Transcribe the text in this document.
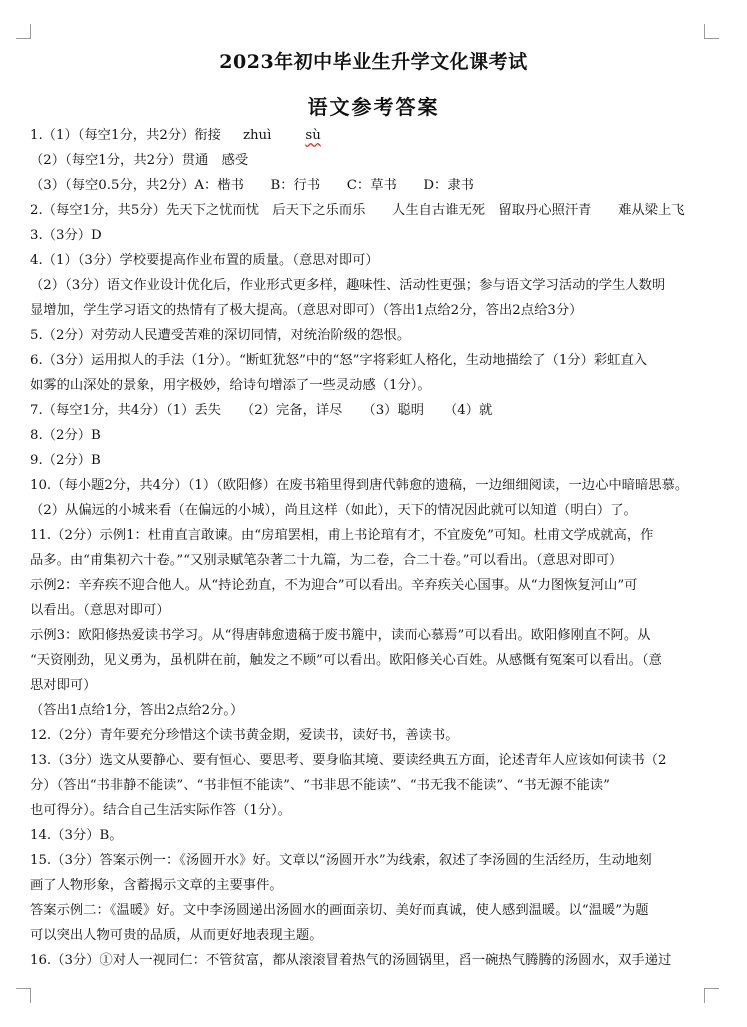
2023年初中毕业生升学文化课考试
语文参考答案
1.（1）（每空1分，共2分）衔接 zhuì	sù
（2）（每空1分，共2分）贯通　感受
（3）（每空0.5分，共2分）A：楷书　　B：行书　　C：草书　　D：隶书
2.（每空1分，共5分）先天下之忧而忧　后天下之乐而乐　　人生自古谁无死　留取丹心照汗青　　难从梁上飞
3.（3分）D
4.（1）（3分）学校要提高作业布置的质量。（意思对即可）
（2）（3分）语文作业设计优化后，作业形式更多样，趣味性、活动性更强；参与语文学习活动的学生人数明
显增加，学生学习语文的热情有了极大提高。（意思对即可）（答出1点给2分，答出2点给3分）
5.（2分）对劳动人民遭受苦难的深切同情，对统治阶级的怨恨。
6.（3分）运用拟人的手法（1分）。“断虹犹怒”中的“怒”字将彩虹人格化，生动地描绘了（1分）彩虹直入
如雾的山深处的景象，用字极妙，给诗句增添了一些灵动感（1分）。
7.（每空1分，共4分）（1）丢失　　（2）完备，详尽　　（3）聪明　　（4）就
8.（2分）B
9.（2分）B
10.（每小题2分，共4分）（1）（欧阳修）在废书箱里得到唐代韩愈的遗稿，一边细细阅读，一边心中暗暗思慕。
（2）从偏远的小城来看（在偏远的小城），尚且这样（如此），天下的情况因此就可以知道（明白）了。
11.（2分）示例1：杜甫直言敢谏。由“房琯罢相，甫上书论琯有才，不宜废免”可知。杜甫文学成就高，作
品多。由“甫集初六十卷。”“又别录赋笔杂著二十九篇，为二卷，合二十卷。”可以看出。（意思对即可）
示例2：辛弃疾不迎合他人。从“持论劲直，不为迎合”可以看出。辛弃疾关心国事。从“力图恢复河山”可
以看出。（意思对即可）
示例3：欧阳修热爱读书学习。从“得唐韩愈遗稿于废书簏中，读而心慕焉”可以看出。欧阳修刚直不阿。从
“天资刚劲，见义勇为，虽机阱在前，触发之不顾”可以看出。欧阳修关心百姓。从感慨有冤案可以看出。（意
思对即可）
（答出1点给1分，答出2点给2分。）
12.（2分）青年要充分珍惜这个读书黄金期，爱读书，读好书，善读书。
13.（3分）选文从要静心、要有恒心、要思考、要身临其境、要读经典五方面，论述青年人应该如何读书（2
分）（答出“书非静不能读”、“书非恒不能读”、“书非思不能读”、“书无我不能读”、“书无源不能读”
也可得分）。结合自己生活实际作答（1分）。
14.（3分）B。
15.（3分）答案示例一：《汤圆开水》好。文章以“汤圆开水”为线索，叙述了李汤圆的生活经历，生动地刻
画了人物形象，含蓄揭示文章的主要事件。
答案示例二：《温暖》好。文中李汤圆递出汤圆水的画面亲切、美好而真诚，使人感到温暖。以“温暖”为题
可以突出人物可贵的品质，从而更好地表现主题。
16.（3分）①对人一视同仁：不管贫富，都从滚滚冒着热气的汤圆锅里，舀一碗热气腾腾的汤圆水，双手递过
